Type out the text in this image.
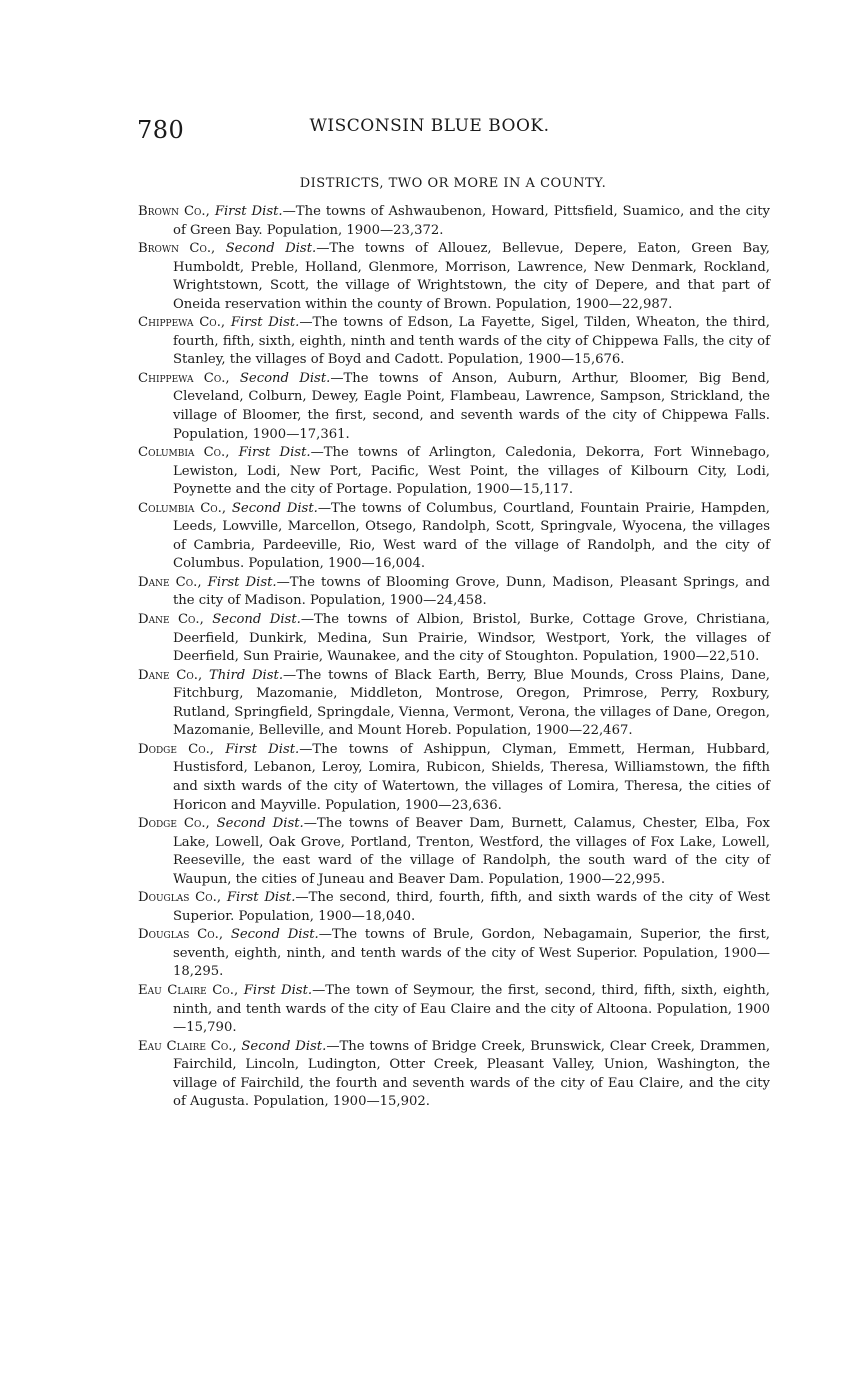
780	WISCONSIN BLUE BOOK.
DISTRICTS, TWO OR MORE IN A COUNTY.

Brown Co., First Dist. — The towns of Ashwaubenon, Howard, Pittsfield, Suamico, and the city of Green Bay. Population, 1900—23,372.

Brown Co., Second Dist. — The towns of Allouez, Bellevue, Depere, Eaton, Green Bay, Humboldt, Preble, Holland, Glenmore, Morrison, Lawrence, New Denmark, Rockland, Wrightstown, Scott, the village of Wrightstown, the city of Depere, and that part of Oneida reservation within the county of Brown. Population, 1900—22,987.

Chippewa Co., First Dist. — The towns of Edson, La Fayette, Sigel, Tilden, Wheaton, the third, fourth, fifth, sixth, eighth, ninth and tenth wards of the city of Chippewa Falls, the city of Stanley, the villages of Boyd and Cadott. Population, 1900—15,676.

Chippewa Co., Second Dist. — The towns of Anson, Auburn, Arthur, Bloomer, Big Bend, Cleveland, Colburn, Dewey, Eagle Point, Flambeau, Lawrence, Sampson, Strickland, the village of Bloomer, the first, second, and seventh wards of the city of Chippewa Falls. Population, 1900—17,361.

Columbia Co., First Dist. — The towns of Arlington, Caledonia, Dekorra, Fort Winnebago, Lewiston, Lodi, New Port, Pacific, West Point, the villages of Kilbourn City, Lodi, Poynette and the city of Portage. Population, 1900—15,117.

Columbia Co., Second Dist. — The towns of Columbus, Courtland, Fountain Prairie, Hampden, Leeds, Lowville, Marcellon, Otsego, Randolph, Scott, Springvale, Wyocena, the villages of Cambria, Pardeeville, Rio, West ward of the village of Randolph, and the city of Columbus. Population, 1900—16,004.

Dane Co., First Dist. — The towns of Blooming Grove, Dunn, Madison, Pleasant Springs, and the city of Madison. Population, 1900—24,458.

Dane Co., Second Dist. — The towns of Albion, Bristol, Burke, Cottage Grove, Christiana, Deerfield, Dunkirk, Medina, Sun Prairie, Windsor, Westport, York, the villages of Deerfield, Sun Prairie, Waunakee, and the city of Stoughton. Population, 1900—22,510.

Dane Co., Third Dist. — The towns of Black Earth, Berry, Blue Mounds, Cross Plains, Dane, Fitchburg, Mazomanie, Middleton, Montrose, Oregon, Primrose, Perry, Roxbury, Rutland, Springfield, Springdale, Vienna, Vermont, Verona, the villages of Dane, Oregon, Mazomanie, Belleville, and Mount Horeb. Population, 1900—22,467.

Dodge Co., First Dist. — The towns of Ashippun, Clyman, Emmett, Herman, Hubbard, Hustisford, Lebanon, Leroy, Lomira, Rubicon, Shields, Theresa, Williamstown, the fifth and sixth wards of the city of Watertown, the villages of Lomira, Theresa, the cities of Horicon and Mayville. Population, 1900—23,636.

Dodge Co., Second Dist. — The towns of Beaver Dam, Burnett, Calamus, Chester, Elba, Fox Lake, Lowell, Oak Grove, Portland, Trenton, Westford, the villages of Fox Lake, Lowell, Reeseville, the east ward of the village of Randolph, the south ward of the city of Waupun, the cities of Juneau and Beaver Dam. Population, 1900—22,995.

Douglas Co., First Dist. — The second, third, fourth, fifth, and sixth wards of the city of West Superior. Population, 1900—18,040.

Douglas Co., Second Dist. — The towns of Brule, Gordon, Nebagamain, Superior, the first, seventh, eighth, ninth, and tenth wards of the city of West Superior. Population, 1900—18,295.

Eau Claire Co., First Dist. — The town of Seymour, the first, second, third, fifth, sixth, eighth, ninth, and tenth wards of the city of Eau Claire and the city of Altoona. Population, 1900—15,790.

Eau Claire Co., Second Dist. — The towns of Bridge Creek, Brunswick, Clear Creek, Drammen, Fairchild, Lincoln, Ludington, Otter Creek, Pleasant Valley, Union, Washington, the village of Fairchild, the fourth and seventh wards of the city of Eau Claire, and the city of Augusta. Population, 1900—15,902.
